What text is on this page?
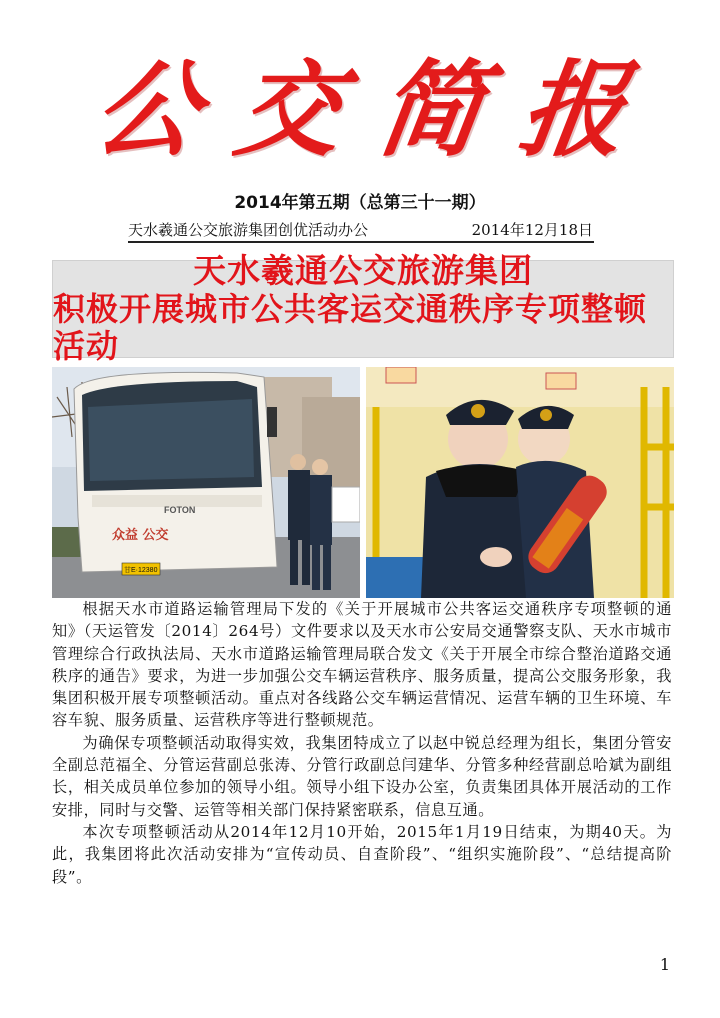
公交简报
2014年第五期（总第三十一期）
天水羲通公交旅游集团创优活动办公	2014年12月18日
天水羲通公交旅游集团
积极开展城市公共客运交通秩序专项整顿活动
FOTON
众益 公交
甘E·12380

根据天水市道路运输管理局下发的《关于开展城市公共客运交通秩序专项整顿的通知》（天运管发〔2014〕264号）文件要求以及天水市公安局交通警察支队、天水市城市管理综合行政执法局、天水市道路运输管理局联合发文《关于开展全市综合整治道路交通秩序的通告》要求，为进一步加强公交车辆运营秩序、服务质量，提高公交服务形象，我集团积极开展专项整顿活动。重点对各线路公交车辆运营情况、运营车辆的卫生环境、车容车貌、服务质量、运营秩序等进行整顿规范。

为确保专项整顿活动取得实效，我集团特成立了以赵中锐总经理为组长，集团分管安全副总范福全、分管运营副总张涛、分管行政副总闫建华、分管多种经营副总哈斌为副组长，相关成员单位参加的领导小组。领导小组下设办公室，负责集团具体开展活动的工作安排，同时与交警、运管等相关部门保持紧密联系，信息互通。

本次专项整顿活动从2014年12月10开始，2015年1月19日结束，为期40天。为此，我集团将此次活动安排为“宣传动员、自查阶段”、“组织实施阶段”、“总结提高阶段”。

1
